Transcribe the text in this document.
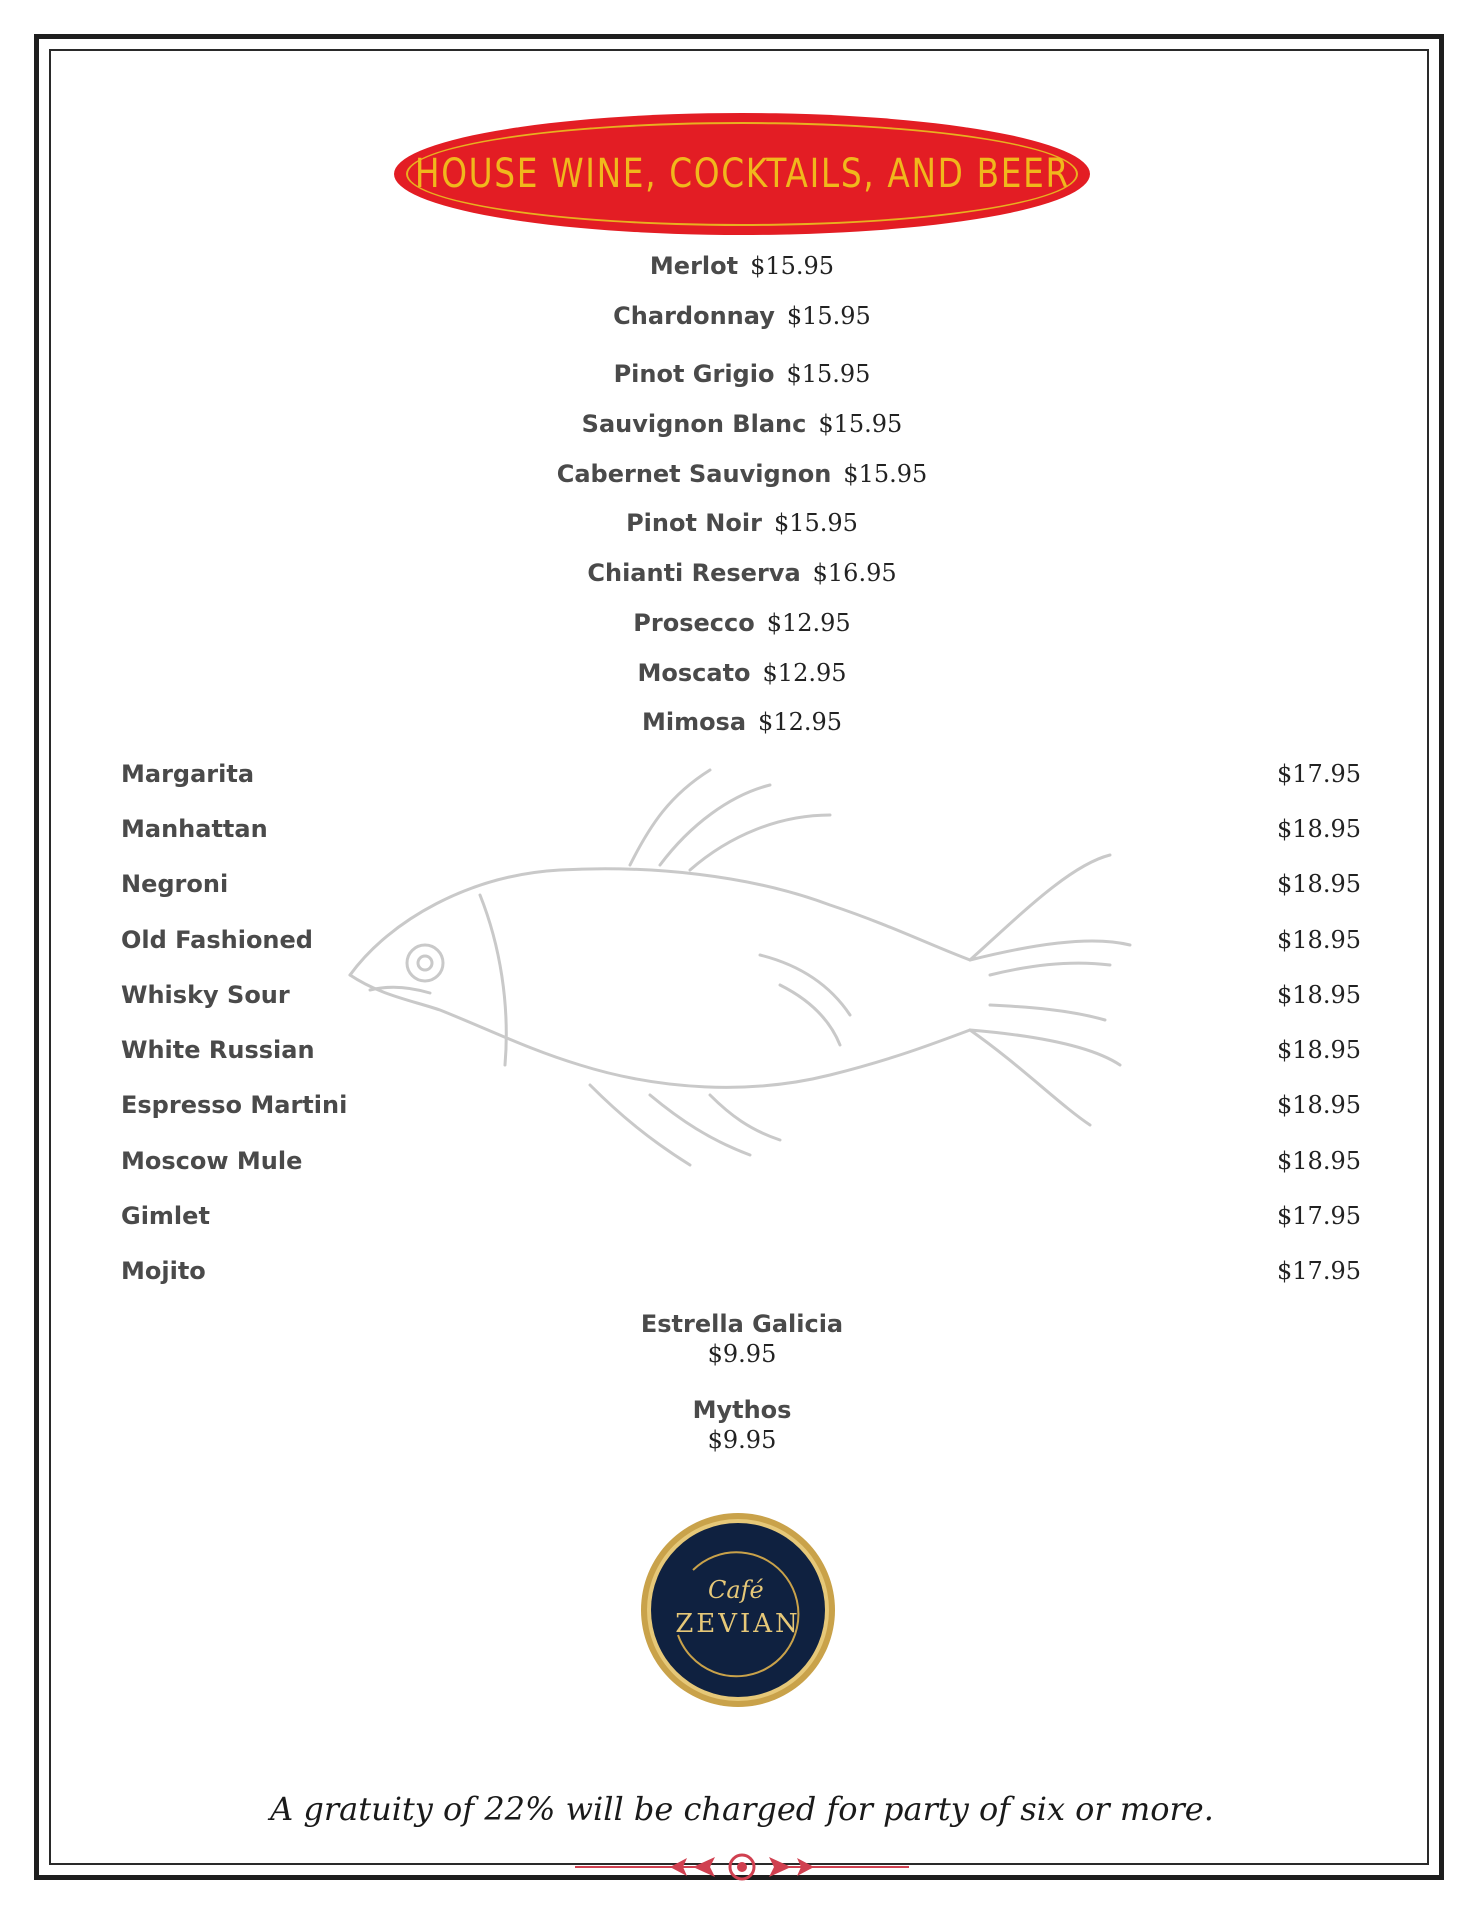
HOUSE WINE, COCKTAILS, AND BEER
Merlot $15.95
Chardonnay $15.95
Pinot Grigio $15.95
Sauvignon Blanc $15.95
Cabernet Sauvignon $15.95
Pinot Noir $15.95
Chianti Reserva $16.95
Prosecco $12.95
Moscato $12.95
Mimosa $12.95
Margarita	$17.95
Manhattan	$18.95
Negroni	$18.95
Old Fashioned	$18.95
Whisky Sour	$18.95
White Russian	$18.95
Espresso Martini	$18.95
Moscow Mule	$18.95
Gimlet	$17.95
Mojito	$17.95
Estrella Galicia
$9.95
Mythos
$9.95
Café
ZEVIAN
A gratuity of 22% will be charged for party of six or more.
